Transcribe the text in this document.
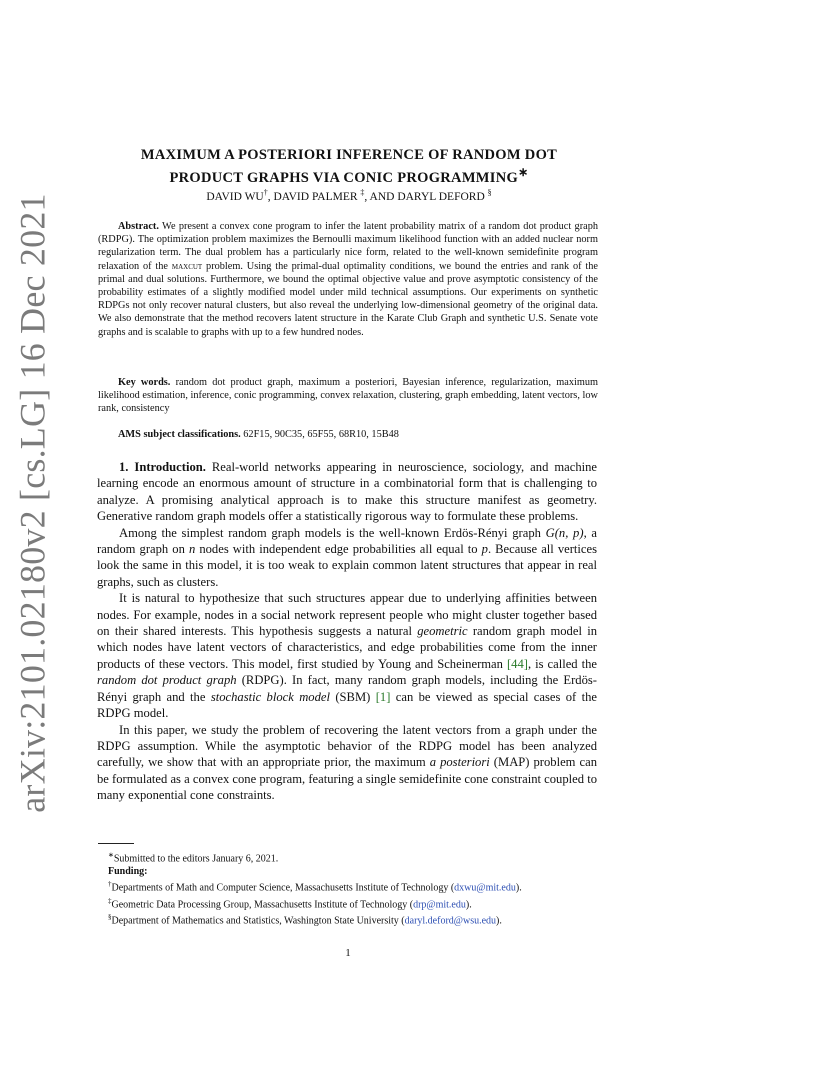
arXiv:2101.02180v2 [cs.LG] 16 Dec 2021
MAXIMUM A POSTERIORI INFERENCE OF RANDOM DOT
PRODUCT GRAPHS VIA CONIC PROGRAMMING∗
DAVID WU†, DAVID PALMER ‡, AND DARYL DEFORD §
Abstract. We present a convex cone program to infer the latent probability matrix of a random dot product graph (RDPG). The optimization problem maximizes the Bernoulli maximum likelihood function with an added nuclear norm regularization term. The dual problem has a particularly nice form, related to the well-known semidefinite program relaxation of the maxcut problem. Using the primal-dual optimality conditions, we bound the entries and rank of the primal and dual solutions. Furthermore, we bound the optimal objective value and prove asymptotic consistency of the probability estimates of a slightly modified model under mild technical assumptions. Our experiments on synthetic RDPGs not only recover natural clusters, but also reveal the underlying low-dimensional geometry of the original data. We also demonstrate that the method recovers latent structure in the Karate Club Graph and synthetic U.S. Senate vote graphs and is scalable to graphs with up to a few hundred nodes.
Key words. random dot product graph, maximum a posteriori, Bayesian inference, regularization, maximum likelihood estimation, inference, conic programming, convex relaxation, clustering, graph embedding, latent vectors, low rank, consistency
AMS subject classifications. 62F15, 90C35, 65F55, 68R10, 15B48

1. Introduction. Real-world networks appearing in neuroscience, sociology, and machine learning encode an enormous amount of structure in a combinatorial form that is challenging to analyze. A promising analytical approach is to make this structure manifest as geometry. Generative random graph models offer a statistically rigorous way to formulate these problems.

Among the simplest random graph models is the well-known Erdös-Rényi graph G(n, p), a random graph on n nodes with independent edge probabilities all equal to p. Because all vertices look the same in this model, it is too weak to explain common latent structures that appear in real graphs, such as clusters.

It is natural to hypothesize that such structures appear due to underlying affinities between nodes. For example, nodes in a social network represent people who might cluster together based on their shared interests. This hypothesis suggests a natural geometric random graph model in which nodes have latent vectors of characteristics, and edge probabilities come from the inner products of these vectors. This model, first studied by Young and Scheinerman [44], is called the random dot product graph (RDPG). In fact, many random graph models, including the Erdös-Rényi graph and the stochastic block model (SBM) [1] can be viewed as special cases of the RDPG model.

In this paper, we study the problem of recovering the latent vectors from a graph under the RDPG assumption. While the asymptotic behavior of the RDPG model has been analyzed carefully, we show that with an appropriate prior, the maximum a posteriori (MAP) problem can be formulated as a convex cone program, featuring a single semidefinite cone constraint coupled to many exponential cone constraints.

∗Submitted to the editors January 6, 2021.

Funding:

†Departments of Math and Computer Science, Massachusetts Institute of Technology (dxwu@mit.edu).

‡Geometric Data Processing Group, Massachusetts Institute of Technology (drp@mit.edu).

§Department of Mathematics and Statistics, Washington State University (daryl.deford@wsu.edu).

1
